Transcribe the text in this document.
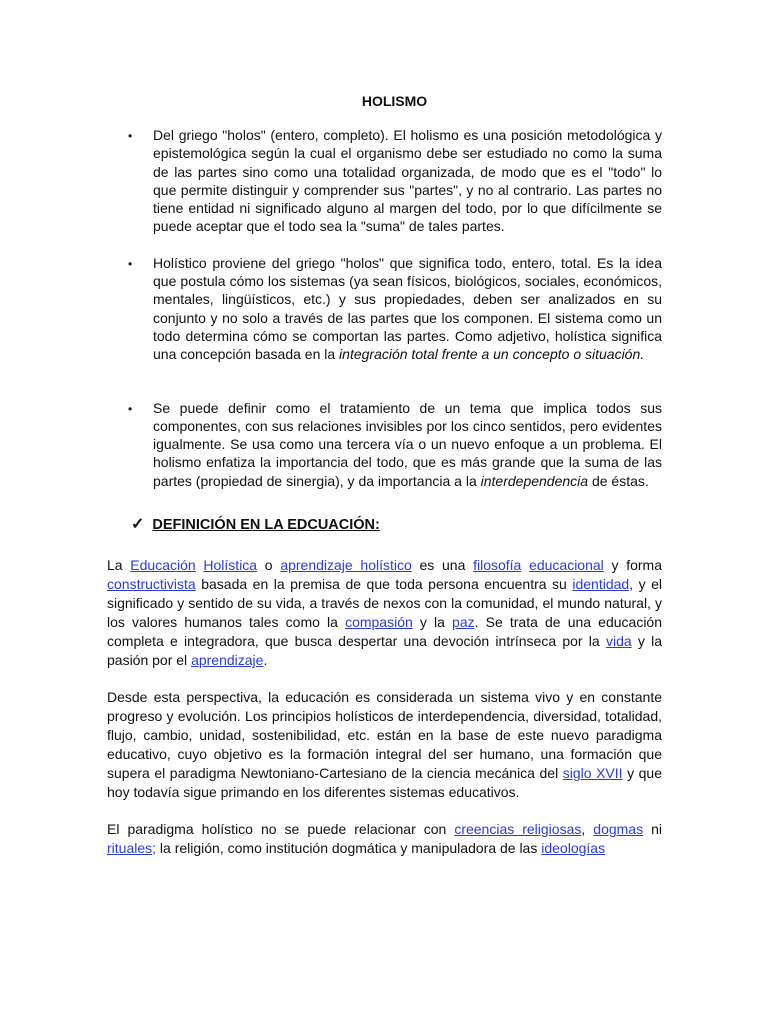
HOLISMO
• Del griego "holos" (entero, completo). El holismo es una posición metodológica y epistemológica según la cual el organismo debe ser estudiado no como la suma de las partes sino como una totalidad organizada, de modo que es el "todo" lo que permite distinguir y comprender sus "partes", y no al contrario. Las partes no tiene entidad ni significado alguno al margen del todo, por lo que difícilmente se puede aceptar que el todo sea la "suma" de tales partes.
• Holístico proviene del griego "holos" que significa todo, entero, total. Es la idea que postula cómo los sistemas (ya sean físicos, biológicos, sociales, económicos, mentales, lingüísticos, etc.) y sus propiedades, deben ser analizados en su conjunto y no solo a través de las partes que los componen. El sistema como un todo determina cómo se comportan las partes. Como adjetivo, holística significa una concepción basada en la integración total frente a un concepto o situación.
• Se puede definir como el tratamiento de un tema que implica todos sus componentes, con sus relaciones invisibles por los cinco sentidos, pero evidentes igualmente. Se usa como una tercera vía o un nuevo enfoque a un problema. El holismo enfatiza la importancia del todo, que es más grande que la suma de las partes (propiedad de sinergia), y da importancia a la interdependencia de éstas.
✓ DEFINICIÓN EN LA EDCUACIÓN:

La Educación Holística o aprendizaje holístico es una filosofía educacional y forma constructivista basada en la premisa de que toda persona encuentra su identidad, y el significado y sentido de su vida, a través de nexos con la comunidad, el mundo natural, y los valores humanos tales como la compasión y la paz. Se trata de una educación completa e integradora, que busca despertar una devoción intrínseca por la vida y la pasión por el aprendizaje.

Desde esta perspectiva, la educación es considerada un sistema vivo y en constante progreso y evolución. Los principios holísticos de interdependencia, diversidad, totalidad, flujo, cambio, unidad, sostenibilidad, etc. están en la base de este nuevo paradigma educativo, cuyo objetivo es la formación integral del ser humano, una formación que supera el paradigma Newtoniano-Cartesiano de la ciencia mecánica del siglo XVII y que hoy todavía sigue primando en los diferentes sistemas educativos.

El paradigma holístico no se puede relacionar con creencias religiosas, dogmas ni rituales; la religión, como institución dogmática y manipuladora de las ideologías
